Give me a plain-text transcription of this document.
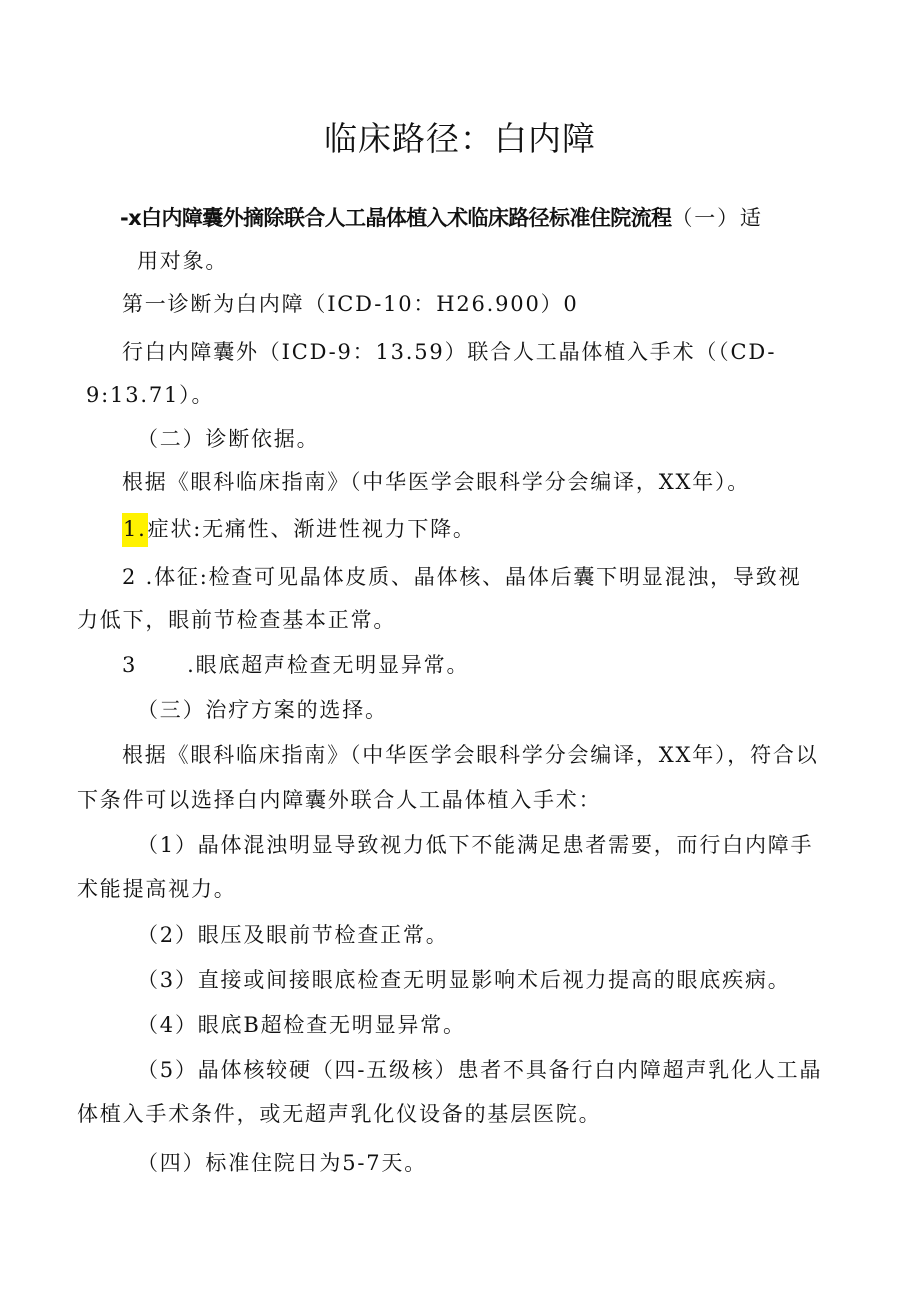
临床路径：白内障
-x白内障囊外摘除联合人工晶体植入术临床路径标准住院流程（一）适
用对象。
第一诊断为白内障（ICD-10：H26.900）0
行白内障囊外（ICD-9：13.59）联合人工晶体植入手术（（CD-
9:13.71）。
（二）诊断依据。
根据《眼科临床指南》（中华医学会眼科学分会编译，XX年）。
1.症状:无痛性、渐进性视力下降。
2 .体征:检查可见晶体皮质、晶体核、晶体后囊下明显混浊，导致视
力低下，眼前节检查基本正常。
3 .眼底超声检查无明显异常。
（三）治疗方案的选择。
根据《眼科临床指南》（中华医学会眼科学分会编译，XX年），符合以
下条件可以选择白内障囊外联合人工晶体植入手术：
（1）晶体混浊明显导致视力低下不能满足患者需要，而行白内障手
术能提高视力。
（2）眼压及眼前节检查正常。
（3）直接或间接眼底检查无明显影响术后视力提高的眼底疾病。
（4）眼底B超检查无明显异常。
（5）晶体核较硬（四-五级核）患者不具备行白内障超声乳化人工晶
体植入手术条件，或无超声乳化仪设备的基层医院。
（四）标准住院日为5-7天。
